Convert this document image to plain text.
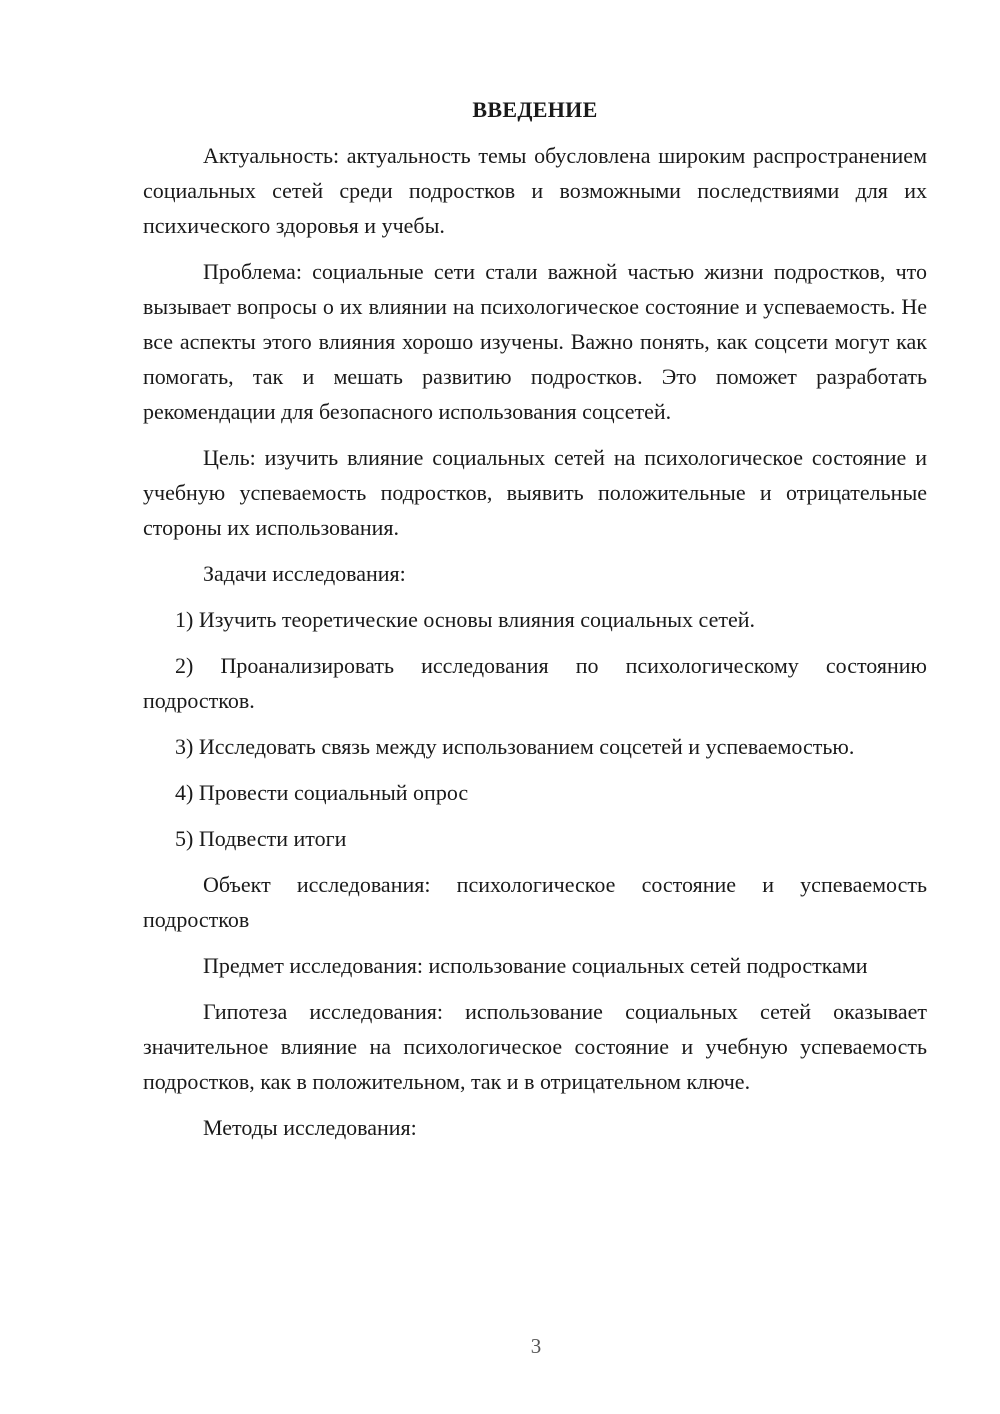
ВВЕДЕНИЕ

Актуальность: актуальность темы обусловлена широким распространением социальных сетей среди подростков и возможными последствиями для их психического здоровья и учебы.

Проблема: социальные сети стали важной частью жизни подростков, что вызывает вопросы о их влиянии на психологическое состояние и успеваемость. Не все аспекты этого влияния хорошо изучены. Важно понять, как соцсети могут как помогать, так и мешать развитию подростков. Это поможет разработать рекомендации для безопасного использования соцсетей.

Цель: изучить влияние социальных сетей на психологическое состояние и учебную успеваемость подростков, выявить положительные и отрицательные стороны их использования.

Задачи исследования:

1) Изучить теоретические основы влияния социальных сетей.

2) Проанализировать исследования по психологическому состоянию подростков.

3) Исследовать связь между использованием соцсетей и успеваемостью.

4) Провести социальный опрос

5) Подвести итоги

Объект исследования: психологическое состояние и успеваемость подростков

Предмет исследования: использование социальных сетей подростками

Гипотеза исследования: использование социальных сетей оказывает значительное влияние на психологическое состояние и учебную успеваемость подростков, как в положительном, так и в отрицательном ключе.

Методы исследования:

3
